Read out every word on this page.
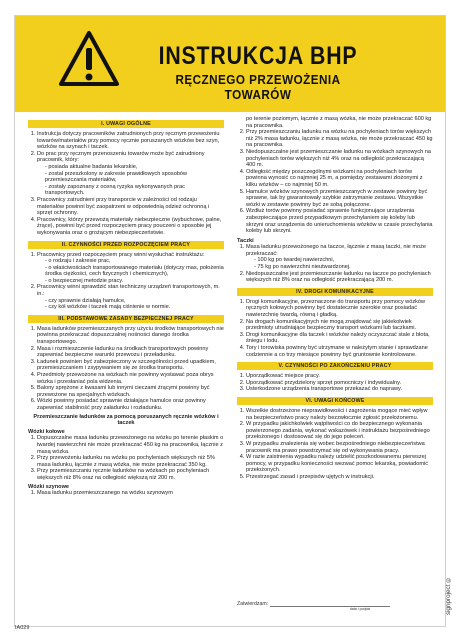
INSTRUKCJA BHP
RĘCZNEGO PRZEWOŻENIA TOWARÓW

I. UWAGI OGÓLNE
1. Instrukcja dotyczy pracowników zatrudnionych przy ręcznym przewożeniu towarów/materiałów przy pomocy ręcznie poruszanych wózków bez szyn, wózków na szynach i taczek.
2. Do prac przy ręcznym przenoszeniu towarów może być zatrudniony pracownik, który:
- posiada aktualne badania lekarskie,
- został przeszkolony w zakresie prawidłowych sposobów przemieszczania materiałów,
- zostały zapoznany z oceną ryzyka wykonywanych prac transportowych.
3. Pracownicy zatrudnieni przy transporcie w zależności od rodzaju materiałów powinni być zaopatrzeni w odpowiednią odzież ochronną i sprzęt ochronny.
4. Pracownicy, którzy przewożą materiały niebezpieczne (wybuchowe, palne, żrące), powinni być przed rozpoczęciem pracy pouczeni o sposobie jej wykonywania oraz o grożącym niebezpieczeństwie.
II. CZYNNOŚCI PRZED ROZPOCZĘCIEM PRACY
1. Pracownicy przed rozpoczęciem pracy winni wysłuchać instruktażu:
- o rodzaju i zakresie prac,
- o właściwościach transportowanego materiału (dotyczy mas, położenia środka ciężkości, cech fizycznych i chemicznych),
- o bezpiecznej metodzie pracy.
2. Pracownicy winni sprawdzić stan techniczny urządzeń transportowych, m. in.:
- czy sprawnie działają hamulce,
- czy kół wózków i taczek mają ciśnienie w normie.
III. PODSTAWOWE ZASADY BEZPIECZNEJ PRACY
1. Masa ładunków przemieszczanych przy użyciu środków transportowych nie powinna przekraczać dopuszczalnej nośności danego środka transportowego.
2. Masa i rozmieszczenie ładunku na środkach transportowych powinny zapewniać bezpieczne warunki przewozu i przeładunku.
3. Ładunek powinien być zabezpieczony w szczególności przed upadkiem, przemieszczaniem i zsypywaniem się ze środka transportu.
4. Przedmioty przewożone na wózkach nie powinny wystawać poza obrys wózka i przesłaniać pola widzenia.
5. Balony sprężone z kwasami lub innymi cieczami żrącymi powinny być przewożone na specjalnych wózkach.
6. Wózki powinny posiadać sprawnie działające hamulce oraz powinny zapewniać stabilność przy załadunku i rozładunku.
Przemieszczanie ładunków za pomocą poruszanych ręcznie wózków i taczek
Wózki kołowe
1. Dopuszczalne masa ładunku przewożonego na wózku po terenie płaskim o twardej nawierzchni nie może przekraczać 450 kg na pracownika, łącznie z masą wózka.
2. Przy przewożeniu ładunku na wózku po pochyleniach większych niż 5% masa ładunku, łącznie z masą wózka, nie może przekraczać 350 kg.
3. Przy przemieszczaniu ręcznie ładunków na wózkach po pochyleniach większych niż 8% oraz na odległość większą niż 200 m.
Wózki szynowe
1. Masa ładunku przemieszczanego na wózku szynowym

po terenie poziomym, łącznie z masą wózka, nie może przekraczać 600 kg na pracownika.

2. Przy przemieszczaniu ładunku na wózku na pochyleniach torów większych niż 2% masa ładunku, łącznie z masą wózka, nie może przekraczać 450 kg na pracownika.
3. Niedopuszczalne jest przemieszczanie ładunku na wózkach szynowych na pochyleniach torów większych niż 4% oraz na odległość przekraczającą 400 m.
4. Odległość między poszczególnymi wózkami na pochyleniach torów powinna wynosić co najmniej 25 m, a pomiędzy zestawami złożonymi z kilku wózków – co najmniej 50 m.
5. Hamulce wózków szynowych przemieszczanych w zestawie powinny być sprawne, tak by gwarantowały szybkie zatrzymanie zestawu. Wszystkie wózki w zestawie powinny być ze sobą połączone.
6. Wzdłuż torów powinny posiadać sprawnie funkcjonujące urządzenia zabezpieczające przed przypadkowym przechylaniem się koleby lub skrzyni oraz urządzenia do unieruchomienia wózków w czasie przechylania koleby lub skrzyni.
Taczki
1. Masa ładunku przewożonego na taczce, łącznie z masą taczki, nie może przekraczać:
- 100 kg po twardej nawierzchni,
- 75 kg po nawierzchni nieutwardzonej.
2. Niedopuszczalne jest przemieszczanie ładunku na taczce po pochyleniach większych niż 8% oraz na odległość przekraczającą 200 m.
IV. DROGI KOMUNIKACYJNE
1. Drogi komunikacyjne, przeznaczone do transportu przy pomocy wózków ręcznych kołowych powinny być dostatecznie szerokie oraz posiadać nawierzchnię twardą, równą i gładką.
2. Na drogach komunikacyjnych nie mogą znajdować się jakiekolwiek przedmioty utrudniające bezpieczny transport wózkami lub taczkami.
3. Drogi komunikacyjne dla taczek i wózków należy oczyszczać stale z błota, śniegu i lodu.
4. Tory i torowiska powinny być utrzymane w należytym stanie i sprawdzane codziennie a co trzy miesiące powinny być gruntownie kontrolowane.
V. CZYNNOŚCI PO ZAKOŃCZENIU PRACY
1. Uporządkować miejsce pracy.
2. Uporządkować przydzielony sprzęt pomocniczy i indywidualny.
3. Usterkodzone urządzenia transportowe przekazać do naprawy.
VI. UWAGI KOŃCOWE
1. Wszelkie dostrzeżone nieprawidłowości i zagrożenia mogące mieć wpływ na bezpieczeństwo pracy należy bezzwłocznie zgłosić przełożonemu.
2. W przypadku jakichkolwiek wątpliwości co do bezpiecznego wykonania powierzonego zadania, wykonać wskazówek i instruktażu bezpośredniego przełożonego i dostosować się do jego poleceń.
3. W przypadku znalezienia się wobec bezpośredniego niebezpieczeństwa pracownik ma prawo powstrzymać się od wykonywania pracy.
4. W razie zaistnienia wypadku należy udzielić poszkodowanemu pierwszej pomocy, w przypadku konieczności wezwać pomoc lekarską, powiadomić przełożonych.
5. Przestrzegać zasad i przepisów ujętych w instrukcji.
Zatwierdzam:
data i podpis
IA029
signproject ®
